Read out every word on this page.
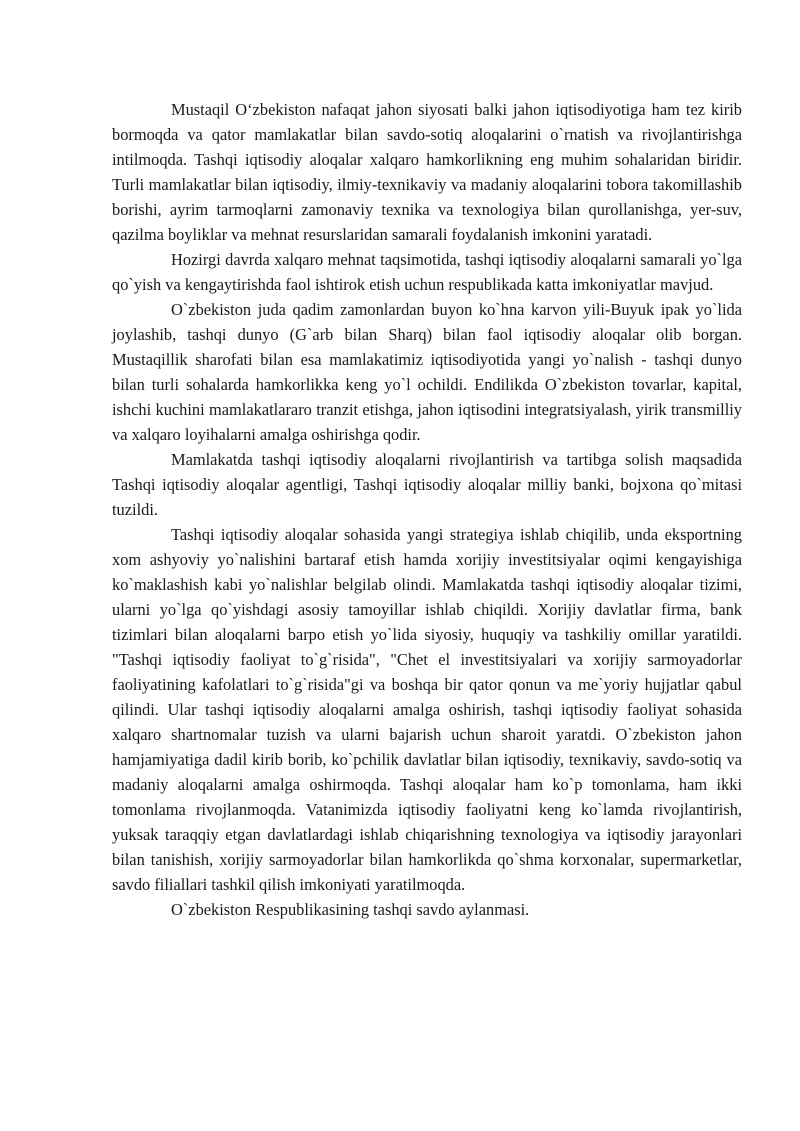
Mustaqil O‘zbekiston nafaqat jahon siyosati balki jahon iqtisodiyotiga ham tez kirib bormoqda va qator mamlakatlar bilan savdo-sotiq aloqalarini o`rnatish va rivojlantirishga intilmoqda. Tashqi iqtisodiy aloqalar xalqaro hamkorlikning eng muhim sohalaridan biridir. Turli mamlakatlar bilan iqtisodiy, ilmiy-texnikaviy va madaniy aloqalarini tobora takomillashib borishi, ayrim tarmoqlarni zamonaviy texnika va texnologiya bilan qurollanishga, yer-suv, qazilma boyliklar va mehnat resurslaridan samarali foydalanish imkonini yaratadi.

Hozirgi davrda xalqaro mehnat taqsimotida, tashqi iqtisodiy aloqalarni samarali yo`lga qo`yish va kengaytirishda faol ishtirok etish uchun respublikada katta imkoniyatlar mavjud.

O`zbekiston juda qadim zamonlardan buyon ko`hna karvon yili-Buyuk ipak yo`lida joylashib, tashqi dunyo (G`arb bilan Sharq) bilan faol iqtisodiy aloqalar olib borgan. Mustaqillik sharofati bilan esa mamlakatimiz iqtisodiyotida yangi yo`nalish - tashqi dunyo bilan turli sohalarda hamkorlikka keng yo`l ochildi. Endilikda O`zbekiston tovarlar, kapital, ishchi kuchini mamlakatlararo tranzit etishga, jahon iqtisodini integratsiyalash, yirik transmilliy va xalqaro loyihalarni amalga oshirishga qodir.

Mamlakatda tashqi iqtisodiy aloqalarni rivojlantirish va tartibga solish maqsadida Tashqi iqtisodiy aloqalar agentligi, Tashqi iqtisodiy aloqalar milliy banki, bojxona qo`mitasi tuzildi.

Tashqi iqtisodiy aloqalar sohasida yangi strategiya ishlab chiqilib, unda eksportning xom ashyoviy yo`nalishini bartaraf etish hamda xorijiy investitsiyalar oqimi kengayishiga ko`maklashish kabi yo`nalishlar belgilab olindi. Mamlakatda tashqi iqtisodiy aloqalar tizimi, ularni yo`lga qo`yishdagi asosiy tamoyillar ishlab chiqildi. Xorijiy davlatlar firma, bank tizimlari bilan aloqalarni barpo etish yo`lida siyosiy, huquqiy va tashkiliy omillar yaratildi. "Tashqi iqtisodiy faoliyat to`g`risida", "Chet el investitsiyalari va xorijiy sarmoyadorlar faoliyatining kafolatlari to`g`risida"gi va boshqa bir qator qonun va me`yoriy hujjatlar qabul qilindi. Ular tashqi iqtisodiy aloqalarni amalga oshirish, tashqi iqtisodiy faoliyat sohasida xalqaro shartnomalar tuzish va ularni bajarish uchun sharoit yaratdi. O`zbekiston jahon hamjamiyatiga dadil kirib borib, ko`pchilik davlatlar bilan iqtisodiy, texnikaviy, savdo-sotiq va madaniy aloqalarni amalga oshirmoqda. Tashqi aloqalar ham ko`p tomonlama, ham ikki tomonlama rivojlanmoqda. Vatanimizda iqtisodiy faoliyatni keng ko`lamda rivojlantirish, yuksak taraqqiy etgan davlatlardagi ishlab chiqarishning texnologiya va iqtisodiy jarayonlari bilan tanishish, xorijiy sarmoyadorlar bilan hamkorlikda qo`shma korxonalar, supermarketlar, savdo filiallari tashkil qilish imkoniyati yaratilmoqda.

O`zbekiston Respublikasining tashqi savdo aylanmasi.
